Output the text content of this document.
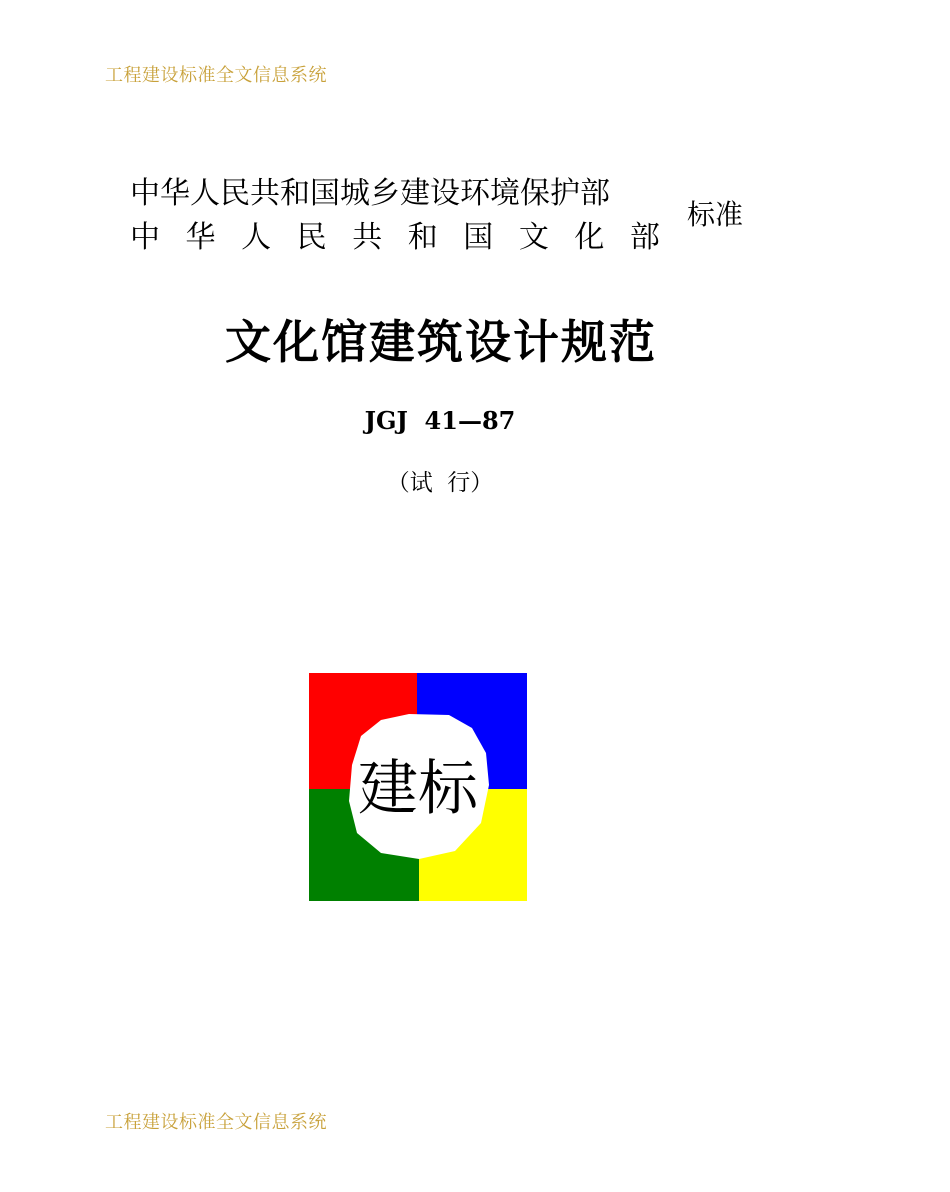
工程建设标准全文信息系统
中华人民共和国城乡建设环境保护部
中 华 人 民 共 和 国 文 化 部
标准
文化馆建筑设计规范
JGJ  41—87
（试  行）
建标
工程建设标准全文信息系统
